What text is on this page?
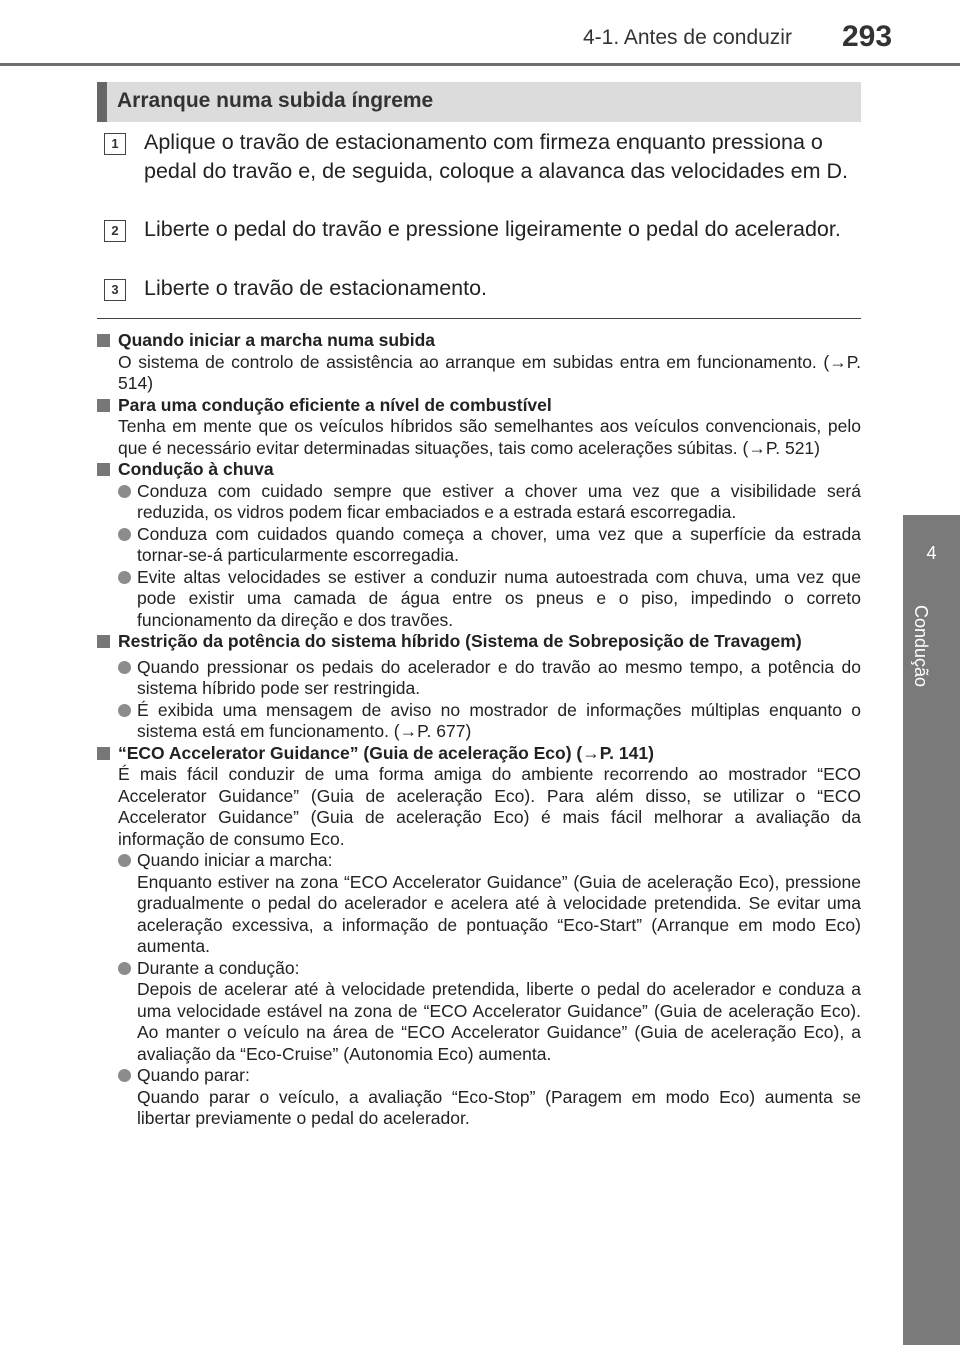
4-1. Antes de conduzir 293
4
Condução
Arranque numa subida íngreme
1	Aplique o travão de estacionamento com firmeza enquanto pressiona o pedal do travão e, de seguida, coloque a alavanca das velocidades em D.
2	Liberte o pedal do travão e pressione ligeiramente o pedal do acelerador.
3	Liberte o travão de estacionamento.
Quando iniciar a marcha numa subida
O sistema de controlo de assistência ao arranque em subidas entra em funcionamento. (→P. 514)
Para uma condução eficiente a nível de combustível
Tenha em mente que os veículos híbridos são semelhantes aos veículos convencionais, pelo que é necessário evitar determinadas situações, tais como acelerações súbitas. (→P. 521)
Condução à chuva
Conduza com cuidado sempre que estiver a chover uma vez que a visibilidade será reduzida, os vidros podem ficar embaciados e a estrada estará escorregadia.
Conduza com cuidados quando começa a chover, uma vez que a superfície da estrada tornar-se-á particularmente escorregadia.
Evite altas velocidades se estiver a conduzir numa autoestrada com chuva, uma vez que pode existir uma camada de água entre os pneus e o piso, impedindo o correto funcionamento da direção e dos travões.
Restrição da potência do sistema híbrido (Sistema de Sobreposição de Travagem)
Quando pressionar os pedais do acelerador e do travão ao mesmo tempo, a potência do sistema híbrido pode ser restringida.
É exibida uma mensagem de aviso no mostrador de informações múltiplas enquanto o sistema está em funcionamento. (→P. 677)
“ECO Accelerator Guidance” (Guia de aceleração Eco) (→P. 141)
É mais fácil conduzir de uma forma amiga do ambiente recorrendo ao mostrador “ECO Accelerator Guidance” (Guia de aceleração Eco). Para além disso, se utilizar o “ECO Accelerator Guidance” (Guia de aceleração Eco) é mais fácil melhorar a avaliação da informação de consumo Eco.
Quando iniciar a marcha:
Enquanto estiver na zona “ECO Accelerator Guidance” (Guia de aceleração Eco), pressione gradualmente o pedal do acelerador e acelera até à velocidade pretendida. Se evitar uma aceleração excessiva, a informação de pontuação “Eco-Start” (Arranque em modo Eco) aumenta.
Durante a condução:
Depois de acelerar até à velocidade pretendida, liberte o pedal do acelerador e conduza a uma velocidade estável na zona de “ECO Accelerator Guidance” (Guia de aceleração Eco). Ao manter o veículo na área de “ECO Accelerator Guidance” (Guia de aceleração Eco), a avaliação da “Eco-Cruise” (Autonomia Eco) aumenta.
Quando parar:
Quando parar o veículo, a avaliação “Eco-Stop” (Paragem em modo Eco) aumenta se libertar previamente o pedal do acelerador.
